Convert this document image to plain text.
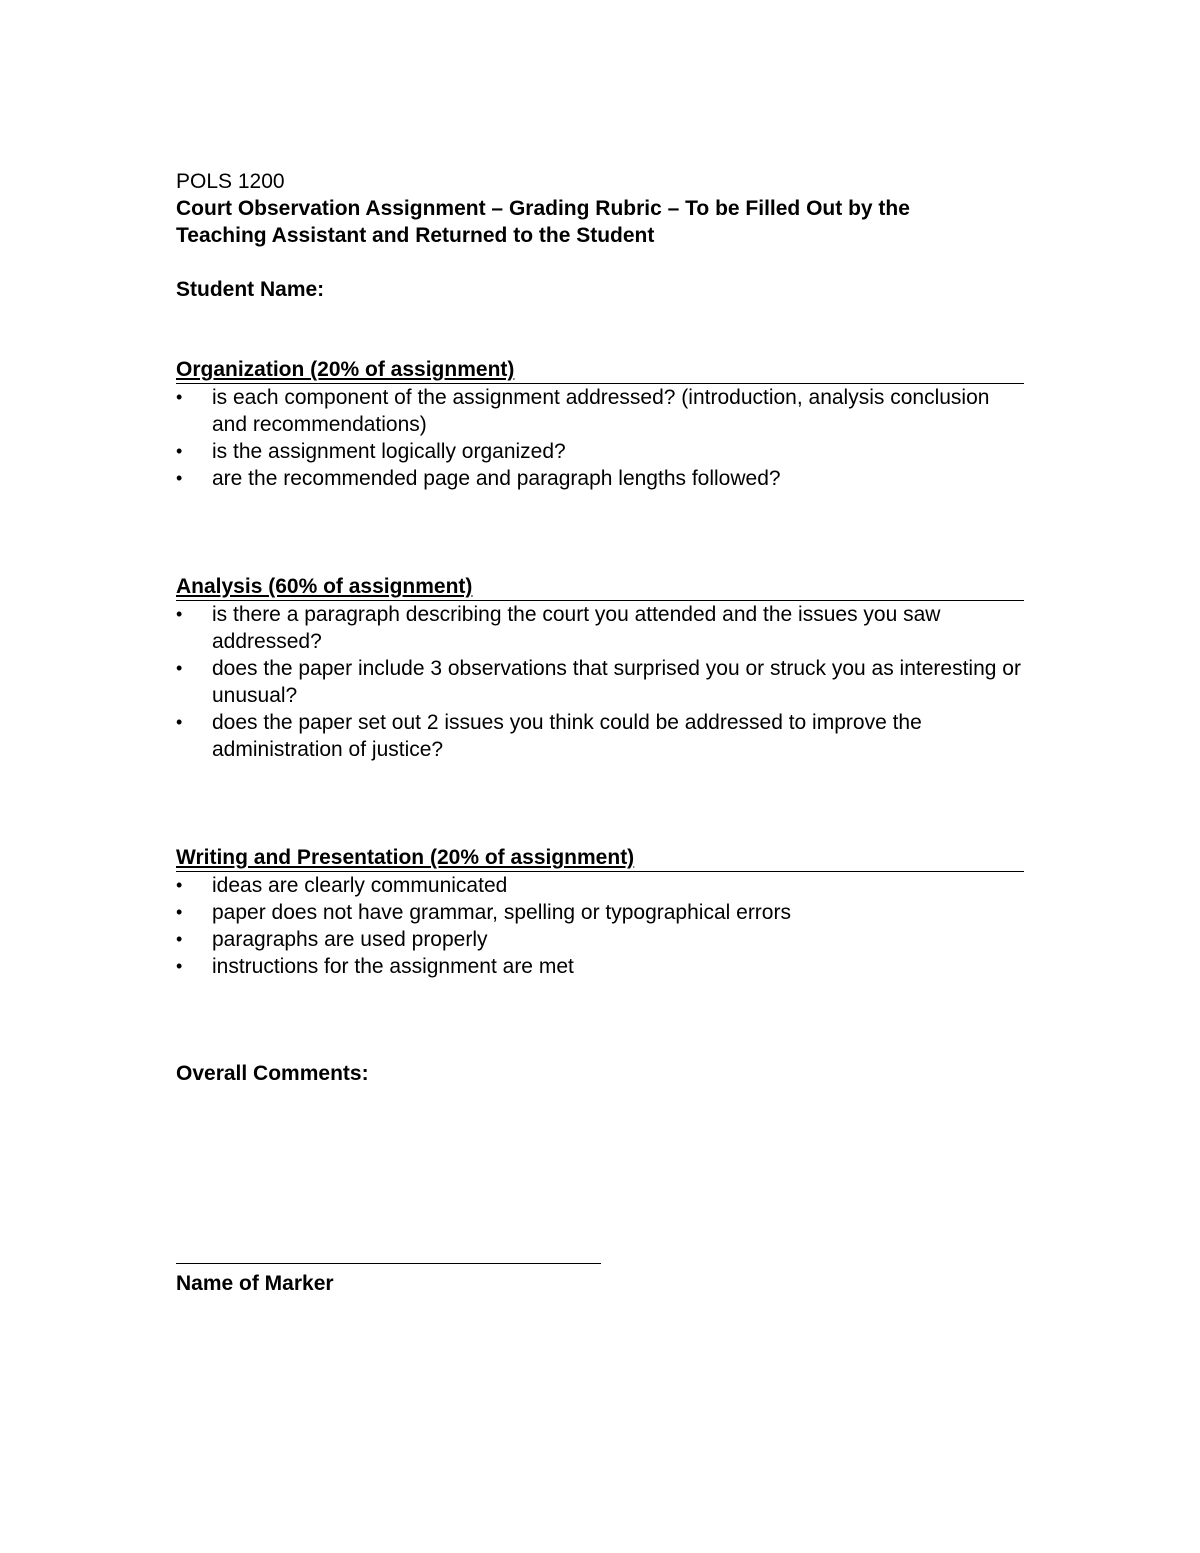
POLS 1200
Court Observation Assignment – Grading Rubric – To be Filled Out by the
Teaching Assistant and Returned to the Student
Student Name:
Organization (20% of assignment)
• is each component of the assignment addressed? (introduction, analysis conclusion and recommendations)
• is the assignment logically organized?
• are the recommended page and paragraph lengths followed?
Analysis (60% of assignment)
• is there a paragraph describing the court you attended and the issues you saw addressed?
• does the paper include 3 observations that surprised you or struck you as interesting or unusual?
• does the paper set out 2 issues you think could be addressed to improve the administration of justice?
Writing and Presentation (20% of assignment)
• ideas are clearly communicated
• paper does not have grammar, spelling or typographical errors
• paragraphs are used properly
• instructions for the assignment are met
Overall Comments:
Name of Marker
